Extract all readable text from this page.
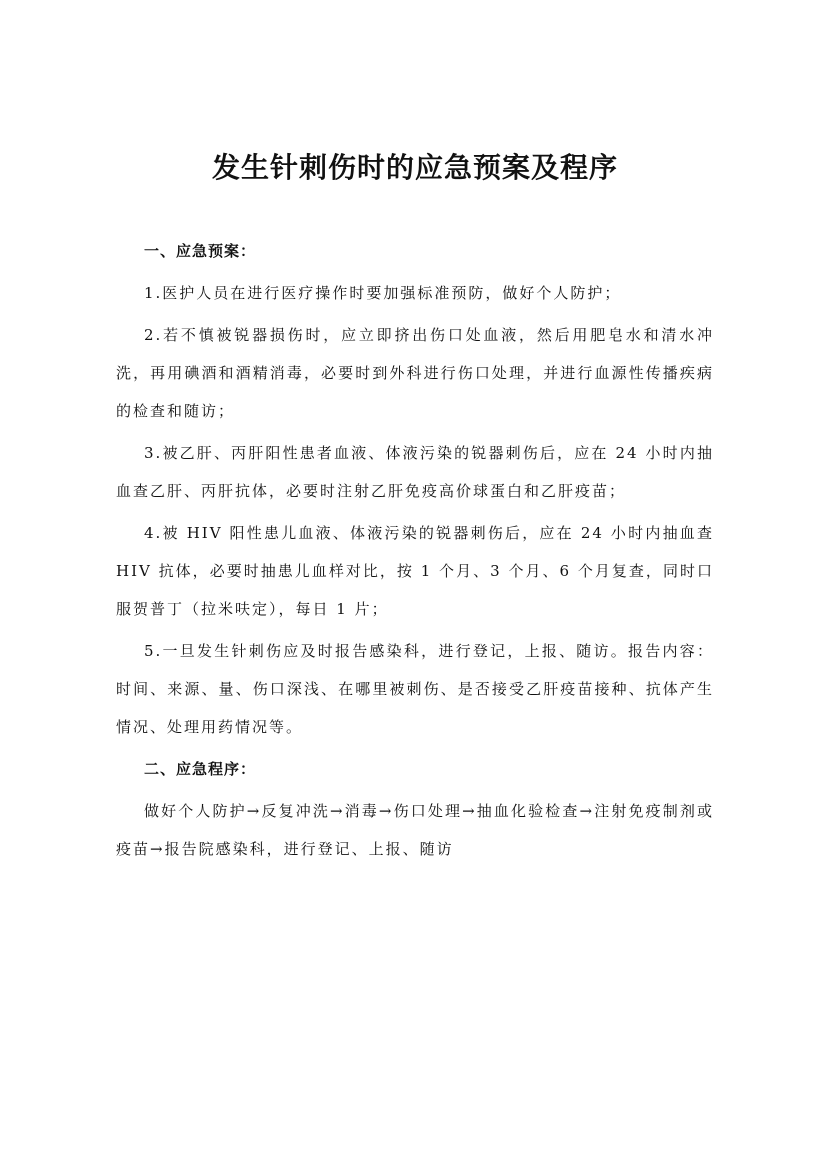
发生针刺伤时的应急预案及程序

一、应急预案：

1.医护人员在进行医疗操作时要加强标准预防，做好个人防护；

2.若不慎被锐器损伤时，应立即挤出伤口处血液，然后用肥皂水和清水冲洗，再用碘酒和酒精消毒，必要时到外科进行伤口处理，并进行血源性传播疾病的检查和随访；

3.被乙肝、丙肝阳性患者血液、体液污染的锐器刺伤后，应在 24 小时内抽血查乙肝、丙肝抗体，必要时注射乙肝免疫高价球蛋白和乙肝疫苗；

4.被 HIV 阳性患儿血液、体液污染的锐器刺伤后，应在 24 小时内抽血查 HIV 抗体，必要时抽患儿血样对比，按 1 个月、3 个月、6 个月复查，同时口服贺普丁（拉米呋定），每日 1 片；

5.一旦发生针刺伤应及时报告感染科，进行登记，上报、随访。报告内容：时间、来源、量、伤口深浅、在哪里被刺伤、是否接受乙肝疫苗接种、抗体产生情况、处理用药情况等。

二、应急程序：

做好个人防护→反复冲洗→消毒→伤口处理→抽血化验检查→注射免疫制剂或疫苗→报告院感染科，进行登记、上报、随访
